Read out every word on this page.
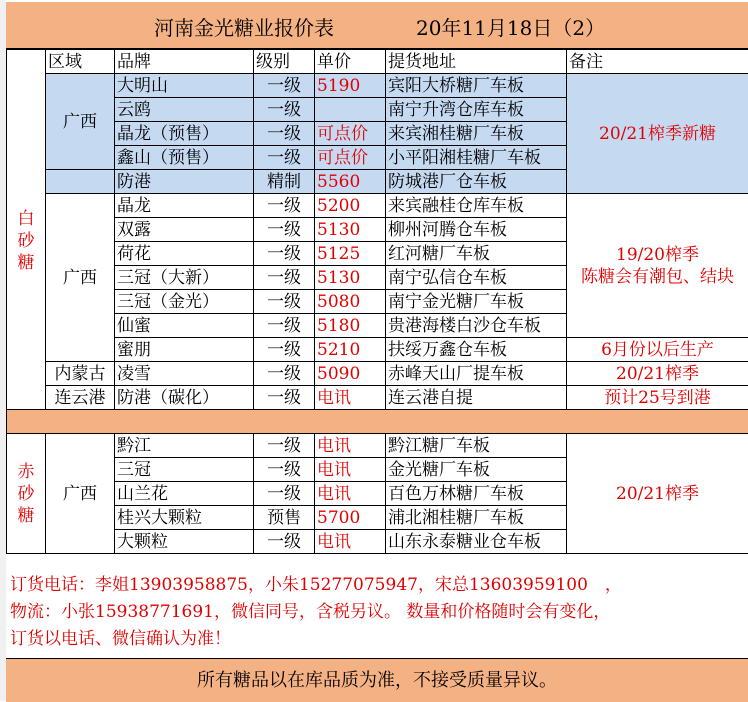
河南金光糖业报价表	20年11月18日（2）
	区域	品牌	级别	单价	提货地址	备注
白砂糖	广西	大明山	一级	5190	宾阳大桥糖厂车板	20/21榨季新糖
		云鸥	一级		南宁升湾仓库车板	
		晶龙（预售）	一级	可点价	来宾湘桂糖厂车板	
		鑫山（预售）	一级	可点价	小平阳湘桂糖厂车板	
		防港	精制	5560	防城港厂仓车板	
	广西	晶龙	一级	5200	来宾融桂仓库车板	19/20榨季
陈糖会有潮包、结块

		双露	一级	5130	柳州河腾仓车板	
		荷花	一级	5125	红河糖厂车板	
		三冠（大新）	一级	5130	南宁弘信仓车板	
		三冠（金光）	一级	5080	南宁金光糖厂车板	
		仙蜜	一级	5180	贵港海楼白沙仓车板	
		蜜朋	一级	5210	扶绥万鑫仓车板	6月份以后生产
	内蒙古	凌雪	一级	5090	赤峰天山厂提车板	20/21榨季
	连云港	防港（碳化）	一级	电讯	连云港自提	预计25号到港

赤砂糖	广西	黔江	一级	电讯	黔江糖厂车板	20/21榨季
		三冠	一级	电讯	金光糖厂车板	
		山兰花	一级	电讯	百色万林糖厂车板	
		桂兴大颗粒	预售	5700	浦北湘桂糖厂车板	
		大颗粒	一级	电讯	山东永泰糖业仓车板	
订货电话：李姐13903958875，小朱15277075947，宋总13603959100　，
物流：小张15938771691，微信同号，含税另议。 数量和价格随时会有变化，
订货以电话、微信确认为准！
所有糖品以在库品质为准，不接受质量异议。
